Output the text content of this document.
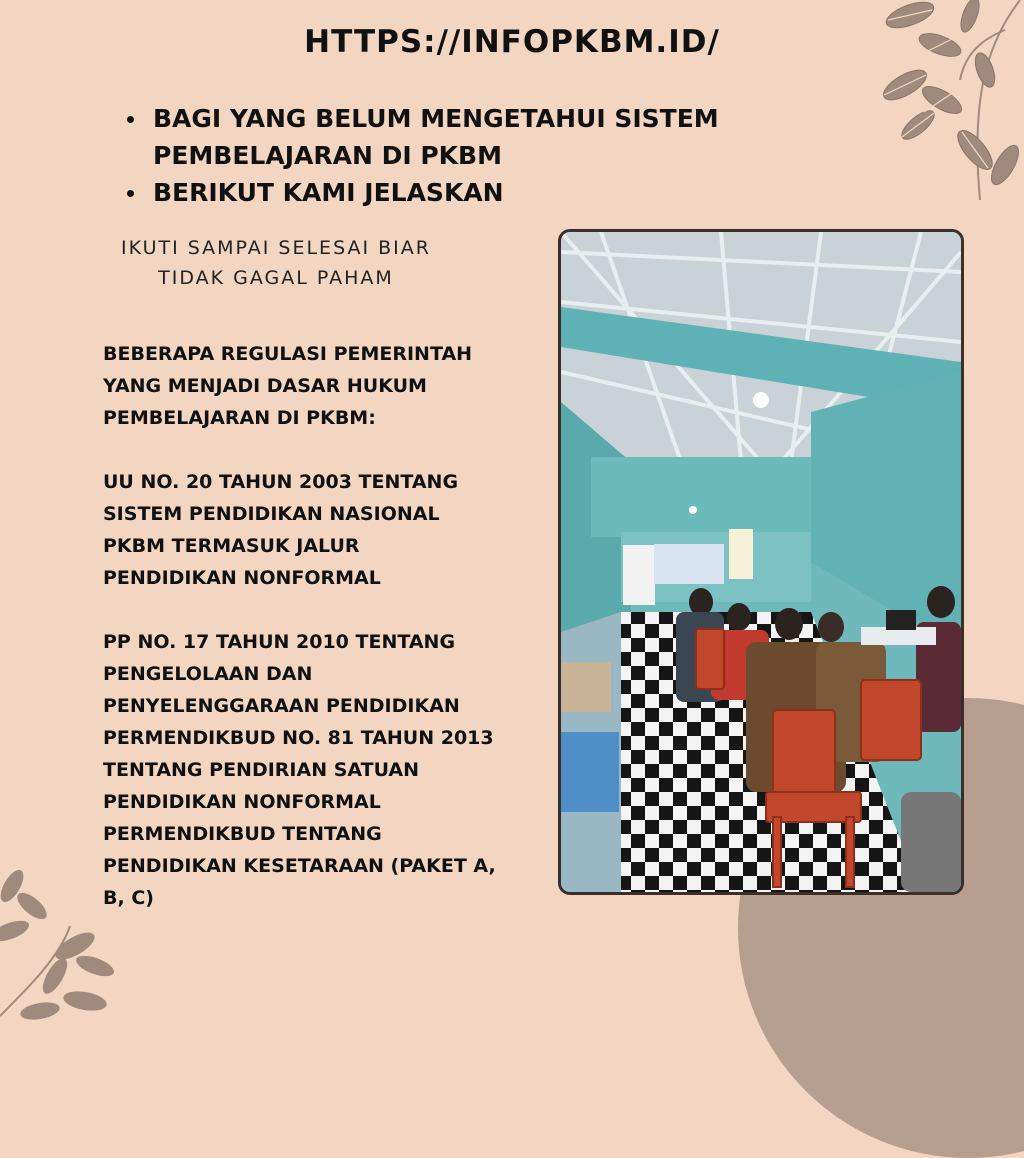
HTTPS://INFOPKBM.ID/
BAGI YANG BELUM MENGETAHUI SISTEM PEMBELAJARAN DI PKBM
BERIKUT KAMI JELASKAN
IKUTI SAMPAI SELESAI BIAR
TIDAK GAGAL PAHAM

BEBERAPA REGULASI PEMERINTAH
YANG MENJADI DASAR HUKUM
PEMBELAJARAN DI PKBM:

UU NO. 20 TAHUN 2003 TENTANG
SISTEM PENDIDIKAN NASIONAL
PKBM TERMASUK JALUR
PENDIDIKAN NONFORMAL

PP NO. 17 TAHUN 2010 TENTANG
PENGELOLAAN DAN
PENYELENGGARAAN PENDIDIKAN
PERMENDIKBUD NO. 81 TAHUN 2013
TENTANG PENDIRIAN SATUAN
PENDIDIKAN NONFORMAL
PERMENDIKBUD TENTANG
PENDIDIKAN KESETARAAN (PAKET A,
B, C)
